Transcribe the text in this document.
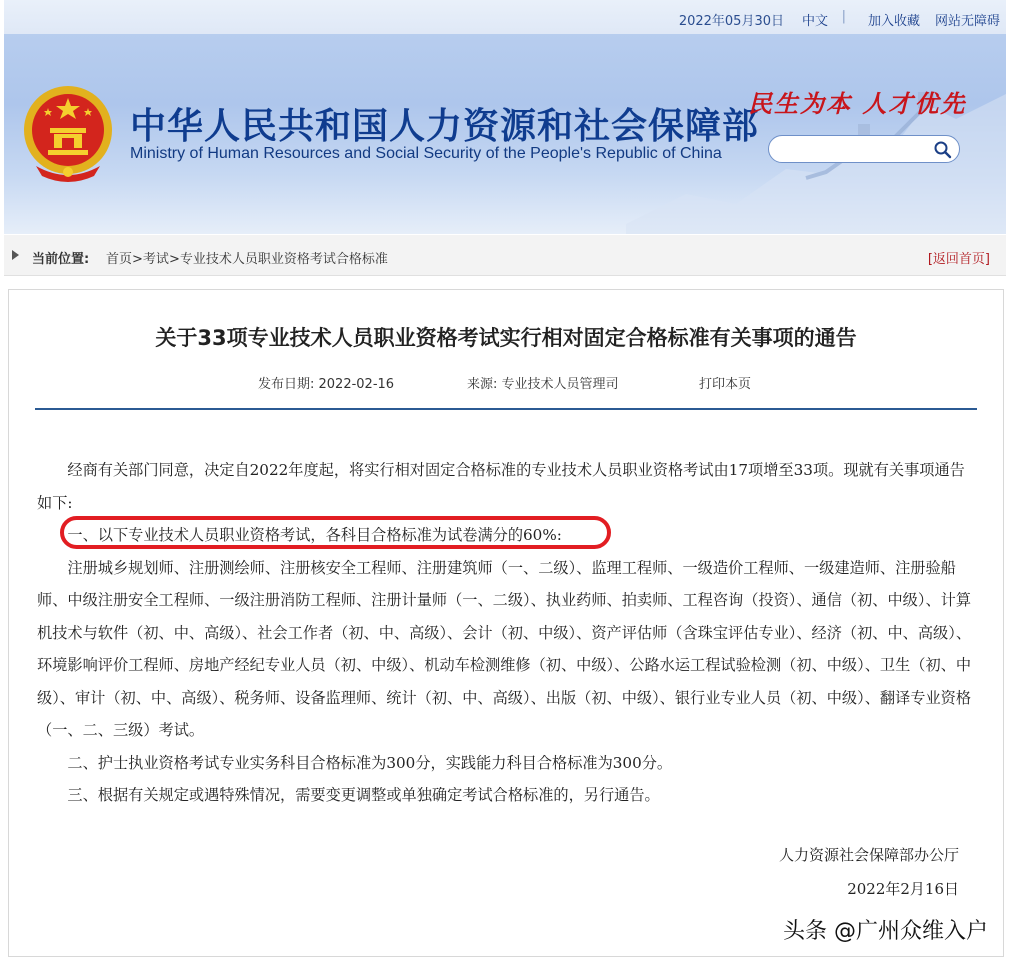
2022年05月30日 中文 | 加入收藏 网站无障碍
中华人民共和国人力资源和社会保障部
Ministry of Human Resources and Social Security of the People's Republic of China
民生为本 人才优先
当前位置: 首页>考试>专业技术人员职业资格考试合格标准	[返回首页]
关于33项专业技术人员职业资格考试实行相对固定合格标准有关事项的通告
发布日期: 2022-02-16	来源: 专业技术人员管理司	打印本页

经商有关部门同意，决定自2022年度起，将实行相对固定合格标准的专业技术人员职业资格考试由17项增至33项。现就有关事项通告如下:

一、以下专业技术人员职业资格考试，各科目合格标准为试卷满分的60%:

注册城乡规划师、注册测绘师、注册核安全工程师、注册建筑师（一、二级）、监理工程师、一级造价工程师、一级建造师、注册验船师、中级注册安全工程师、一级注册消防工程师、注册计量师（一、二级）、执业药师、拍卖师、工程咨询（投资）、通信（初、中级）、计算机技术与软件（初、中、高级）、社会工作者（初、中、高级）、会计（初、中级）、资产评估师（含珠宝评估专业）、经济（初、中、高级）、环境影响评价工程师、房地产经纪专业人员（初、中级）、机动车检测维修（初、中级）、公路水运工程试验检测（初、中级）、卫生（初、中级）、审计（初、中、高级）、税务师、设备监理师、统计（初、中、高级）、出版（初、中级）、银行业专业人员（初、中级）、翻译专业资格（一、二、三级）考试。

二、护士执业资格考试专业实务科目合格标准为300分，实践能力科目合格标准为300分。

三、根据有关规定或遇特殊情况，需要变更调整或单独确定考试合格标准的，另行通告。

人力资源社会保障部办公厅
2022年2月16日
头条 @广州众维入户
